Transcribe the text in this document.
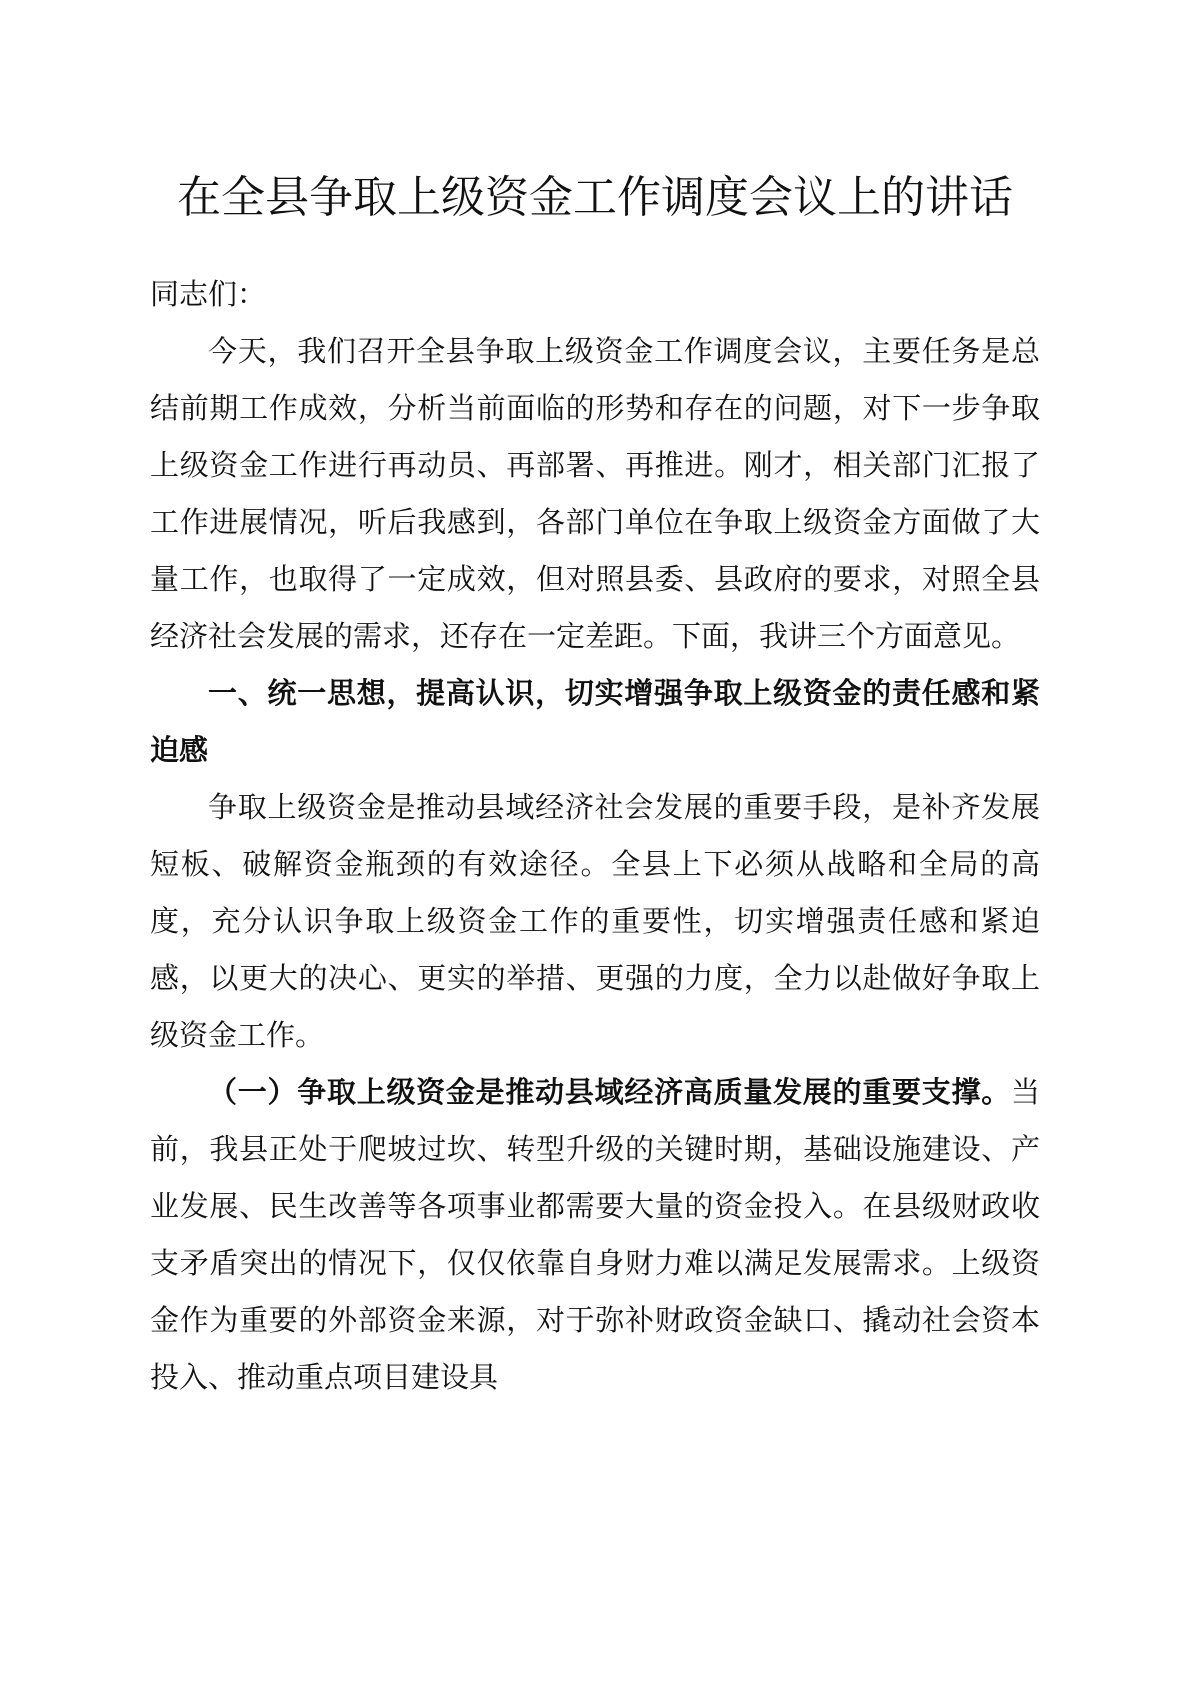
在全县争取上级资金工作调度会议上的讲话

同志们：

今天，我们召开全县争取上级资金工作调度会议，主要任务是总结前期工作成效，分析当前面临的形势和存在的问题，对下一步争取上级资金工作进行再动员、再部署、再推进。刚才，相关部门汇报了工作进展情况，听后我感到，各部门单位在争取上级资金方面做了大量工作，也取得了一定成效，但对照县委、县政府的要求，对照全县经济社会发展的需求，还存在一定差距。下面，我讲三个方面意见。

一、统一思想，提高认识，切实增强争取上级资金的责任感和紧迫感

争取上级资金是推动县域经济社会发展的重要手段，是补齐发展短板、破解资金瓶颈的有效途径。全县上下必须从战略和全局的高度，充分认识争取上级资金工作的重要性，切实增强责任感和紧迫感，以更大的决心、更实的举措、更强的力度，全力以赴做好争取上级资金工作。

（一）争取上级资金是推动县域经济高质量发展的重要支撑。当前，我县正处于爬坡过坎、转型升级的关键时期，基础设施建设、产业发展、民生改善等各项事业都需要大量的资金投入。在县级财政收支矛盾突出的情况下，仅仅依靠自身财力难以满足发展需求。上级资金作为重要的外部资金来源，对于弥补财政资金缺口、撬动社会资本投入、推动重点项目建设具
